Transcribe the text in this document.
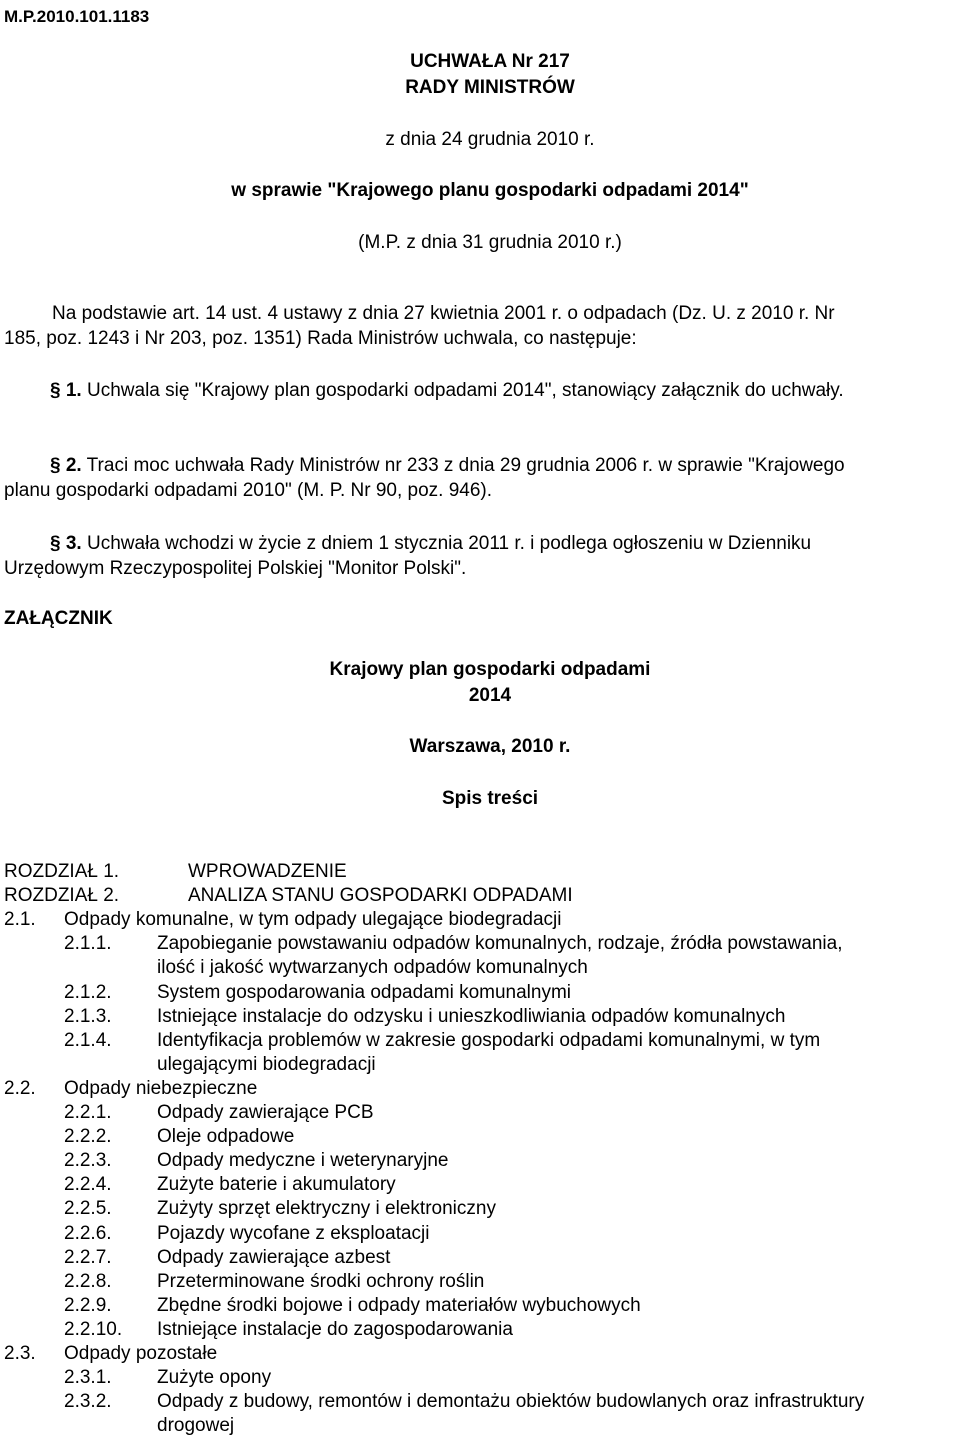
M.P.2010.101.1183
UCHWAŁA Nr 217
RADY MINISTRÓW
z dnia 24 grudnia 2010 r.
w sprawie "Krajowego planu gospodarki odpadami 2014"
(M.P. z dnia 31 grudnia 2010 r.)
Na podstawie art. 14 ust. 4 ustawy z dnia 27 kwietnia 2001 r. o odpadach (Dz. U. z 2010 r. Nr
185, poz. 1243 i Nr 203, poz. 1351) Rada Ministrów uchwala, co następuje:
§ 1. Uchwala się "Krajowy plan gospodarki odpadami 2014", stanowiący załącznik do uchwały.
§ 2. Traci moc uchwała Rady Ministrów nr 233 z dnia 29 grudnia 2006 r. w sprawie "Krajowego
planu gospodarki odpadami 2010" (M. P. Nr 90, poz. 946).
§ 3. Uchwała wchodzi w życie z dniem 1 stycznia 2011 r. i podlega ogłoszeniu w Dzienniku
Urzędowym Rzeczypospolitej Polskiej "Monitor Polski".
ZAŁĄCZNIK
Krajowy plan gospodarki odpadami
2014
Warszawa, 2010 r.
Spis treści
ROZDZIAŁ 1.	WPROWADZENIE
ROZDZIAŁ 2.	ANALIZA STANU GOSPODARKI ODPADAMI
2.1. Odpady komunalne, w tym odpady ulegające biodegradacji
2.1.1. Zapobieganie powstawaniu odpadów komunalnych, rodzaje, źródła powstawania,
ilość i jakość wytwarzanych odpadów komunalnych
2.1.2. System gospodarowania odpadami komunalnymi
2.1.3. Istniejące instalacje do odzysku i unieszkodliwiania odpadów komunalnych
2.1.4. Identyfikacja problemów w zakresie gospodarki odpadami komunalnymi, w tym
ulegającymi biodegradacji
2.2. Odpady niebezpieczne
2.2.1. Odpady zawierające PCB
2.2.2. Oleje odpadowe
2.2.3. Odpady medyczne i weterynaryjne
2.2.4. Zużyte baterie i akumulatory
2.2.5. Zużyty sprzęt elektryczny i elektroniczny
2.2.6. Pojazdy wycofane z eksploatacji
2.2.7. Odpady zawierające azbest
2.2.8. Przeterminowane środki ochrony roślin
2.2.9. Zbędne środki bojowe i odpady materiałów wybuchowych
2.2.10. Istniejące instalacje do zagospodarowania
2.3. Odpady pozostałe
2.3.1. Zużyte opony
2.3.2. Odpady z budowy, remontów i demontażu obiektów budowlanych oraz infrastruktury
drogowej
